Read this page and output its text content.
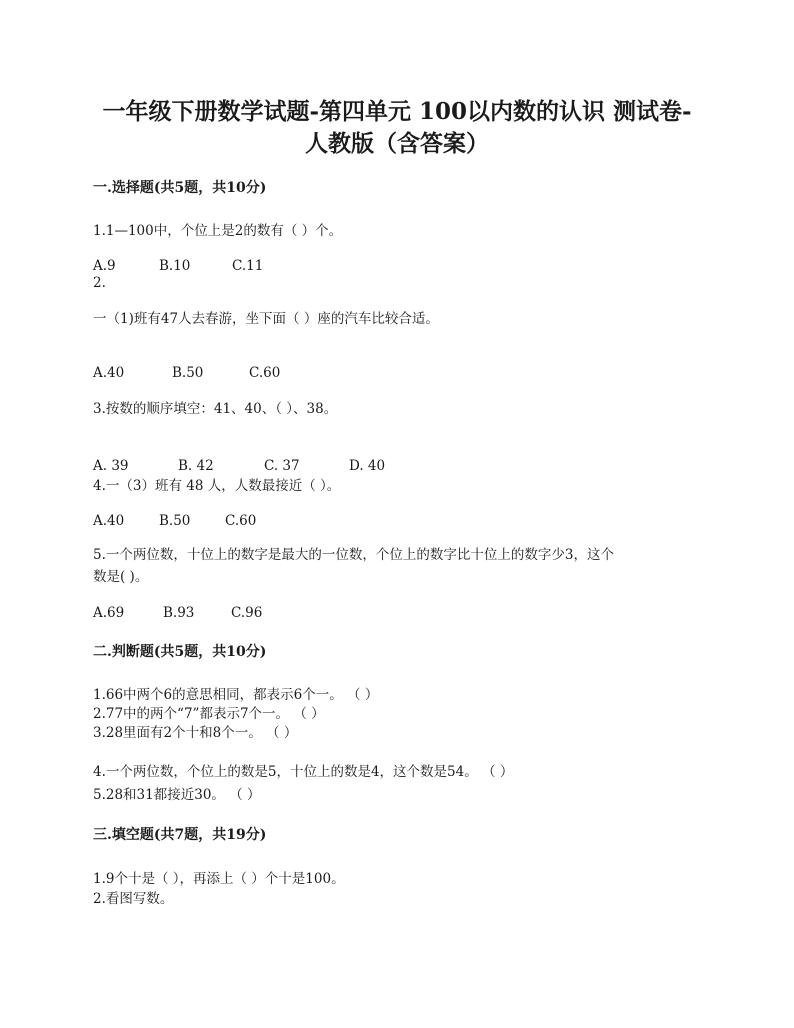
一年级下册数学试题-第四单元 100以内数的认识 测试卷-
人教版（含答案）
一.选择题(共5题，共10分)
1.1—100中，个位上是2的数有（ ）个。
A.9	B.10	C.11
2.
一（1)班有47人去春游，坐下面（ ）座的汽车比较合适。
A.40	B.50	C.60
3.按数的顺序填空：41、40、（ ）、38。
A. 39	B. 42	C. 37	D. 40
4.一（3）班有 48 人，人数最接近（ ）。
A.40	B.50	C.60
5.一个两位数，十位上的数字是最大的一位数，个位上的数字比十位上的数字少3，这个
数是( )。
A.69	B.93	C.96
二.判断题(共5题，共10分)
1.66中两个6的意思相同，都表示6个一。 （ ）
2.77中的两个“7”都表示7个一。 （ ）
3.28里面有2个十和8个一。 （ ）
4.一个两位数，个位上的数是5，十位上的数是4，这个数是54。 （ ）
5.28和31都接近30。 （ ）
三.填空题(共7题，共19分)
1.9个十是（ ），再添上（ ）个十是100。
2.看图写数。
